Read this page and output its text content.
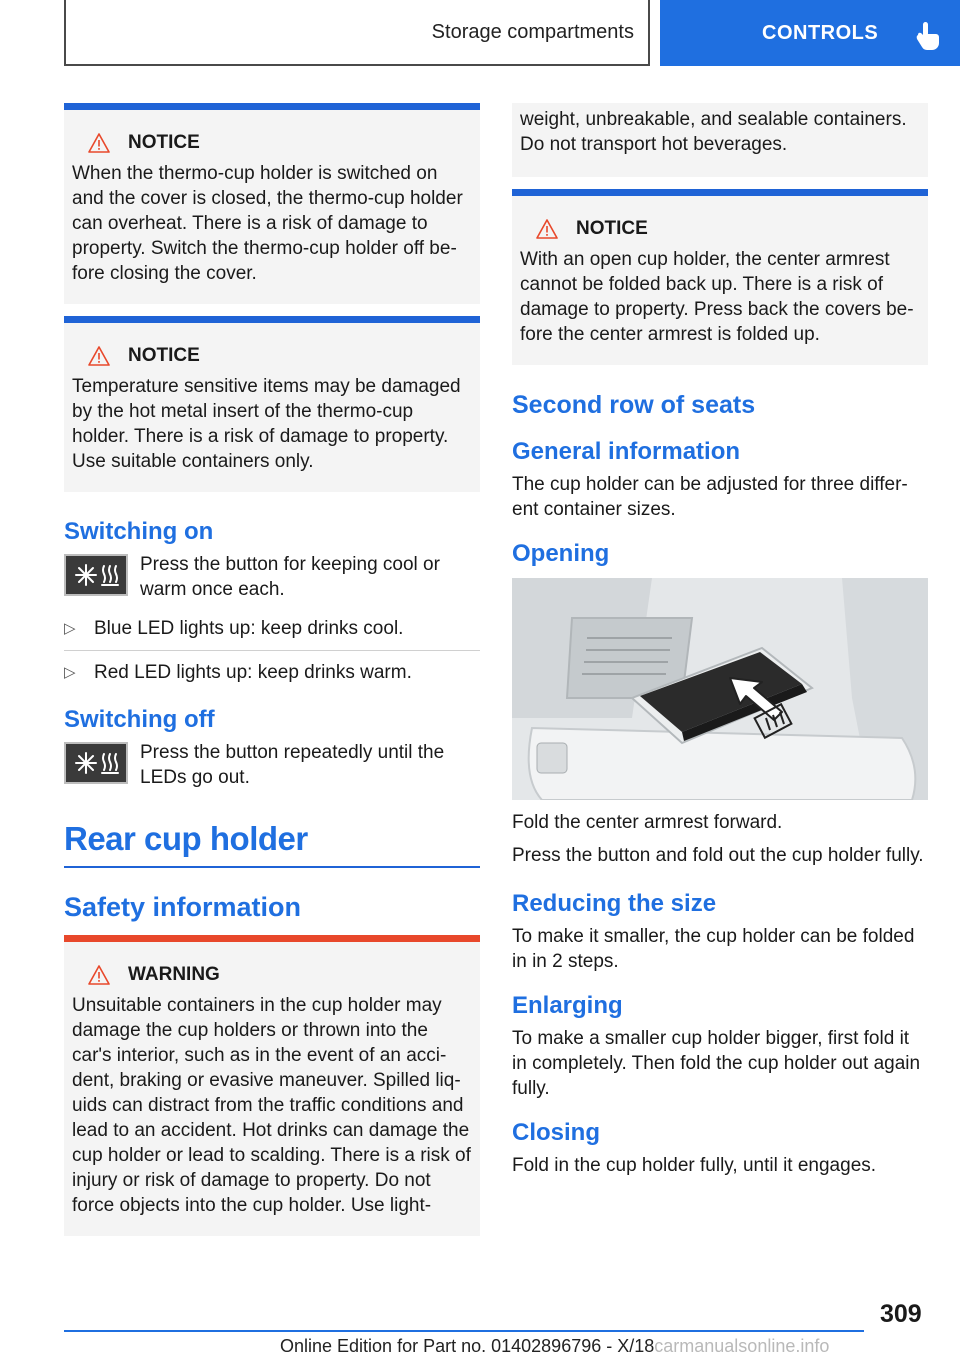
Storage compartments	CONTROLS
NOTICE

When the thermo-cup holder is switched on and the cover is closed, the thermo-cup holder can overheat. There is a risk of damage to property. Switch the thermo-cup holder off be-fore closing the cover.

NOTICE

Temperature sensitive items may be damaged by the hot metal insert of the thermo-cup holder. There is a risk of damage to property. Use suitable containers only.

Switching on
Press the button for keeping cool or warm once each.
▷ Blue LED lights up: keep drinks cool.
▷ Red LED lights up: keep drinks warm.
Switching off
Press the button repeatedly until the LEDs go out.
Rear cup holder
Safety information
WARNING

Unsuitable containers in the cup holder may damage the cup holders or thrown into the car's interior, such as in the event of an acci-dent, braking or evasive maneuver. Spilled liq-uids can distract from the traffic conditions and lead to an accident. Hot drinks can damage the cup holder or lead to scalding. There is a risk of injury or risk of damage to property. Do not force objects into the cup holder. Use light-

weight, unbreakable, and sealable containers. Do not transport hot beverages.

NOTICE

With an open cup holder, the center armrest cannot be folded back up. There is a risk of damage to property. Press back the covers be-fore the center armrest is folded up.

Second row of seats
General information
The cup holder can be adjusted for three differ-ent container sizes.
Opening
Fold the center armrest forward.
Press the button and fold out the cup holder fully.
Reducing the size
To make it smaller, the cup holder can be folded in in 2 steps.
Enlarging
To make a smaller cup holder bigger, first fold it in completely. Then fold the cup holder out again fully.
Closing
Fold in the cup holder fully, until it engages.
309
Online Edition for Part no. 01402896796 - X/18carmanualsonline.info
